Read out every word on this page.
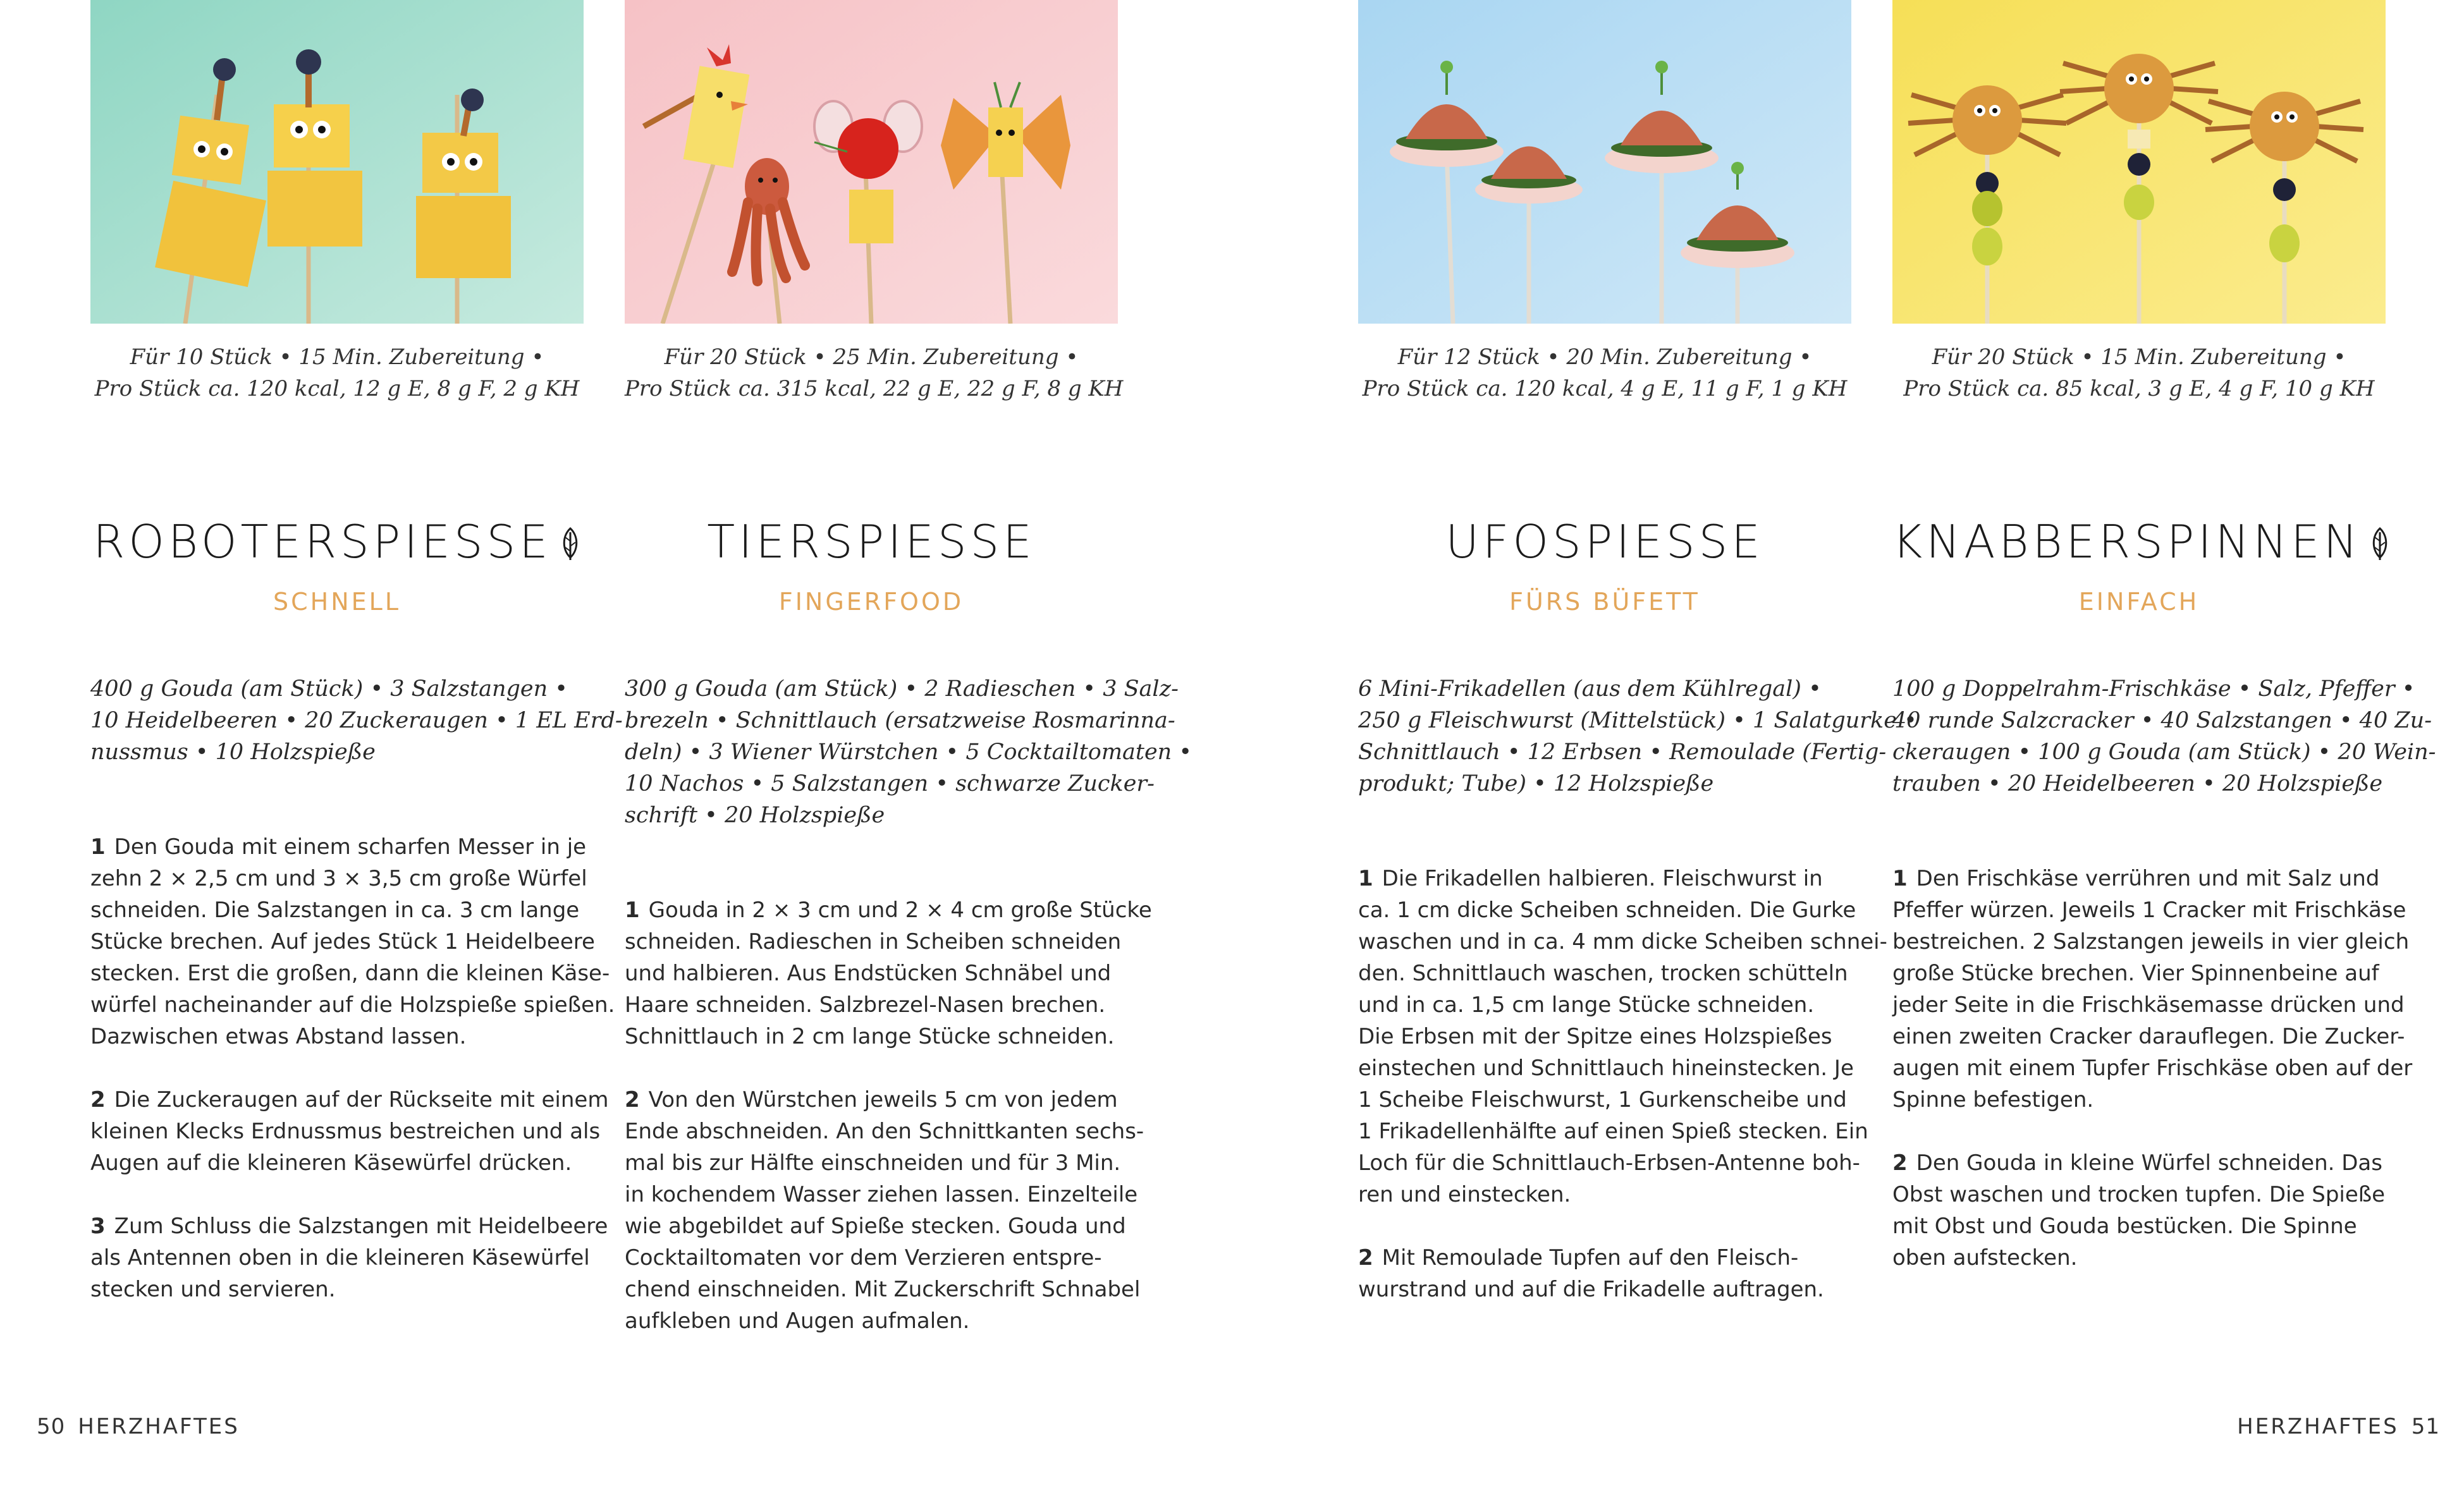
Für 10 Stück • 15 Min. Zubereitung •
Pro Stück ca. 120 kcal, 12 g E, 8 g F, 2 g KH
ROBOTERSPIESSE
SCHNELL
400 g Gouda (am Stück) • 3 Salzstangen •
10 Heidelbeeren • 20 Zuckeraugen • 1 EL Erd-
nussmus • 10 Holzspieße
1 Den Gouda mit einem scharfen Messer in je
zehn 2 × 2,5 cm und 3 × 3,5 cm große Würfel
schneiden. Die Salzstangen in ca. 3 cm lange
Stücke brechen. Auf jedes Stück 1 Heidelbeere
stecken. Erst die großen, dann die kleinen Käse-
würfel nacheinander auf die Holzspieße spießen.
Dazwischen etwas Abstand lassen.
2 Die Zuckeraugen auf der Rückseite mit einem
kleinen Klecks Erdnussmus bestreichen und als
Augen auf die kleineren Käsewürfel drücken.
3 Zum Schluss die Salzstangen mit Heidelbeere
als Antennen oben in die kleineren Käsewürfel
stecken und servieren.
Für 20 Stück • 25 Min. Zubereitung •
Pro Stück ca. 315 kcal, 22 g E, 22 g F, 8 g KH
TIERSPIESSE
FINGERFOOD
300 g Gouda (am Stück) • 2 Radieschen • 3 Salz-
brezeln • Schnittlauch (ersatzweise Rosmarinna-
deln) • 3 Wiener Würstchen • 5 Cocktailtomaten •
10 Nachos • 5 Salzstangen • schwarze Zucker-
schrift • 20 Holzspieße
1 Gouda in 2 × 3 cm und 2 × 4 cm große Stücke
schneiden. Radieschen in Scheiben schneiden
und halbieren. Aus Endstücken Schnäbel und
Haare schneiden. Salzbrezel-Nasen brechen.
Schnittlauch in 2 cm lange Stücke schneiden.
2 Von den Würstchen jeweils 5 cm von jedem
Ende abschneiden. An den Schnittkanten sechs-
mal bis zur Hälfte einschneiden und für 3 Min.
in kochendem Wasser ziehen lassen. Einzelteile
wie abgebildet auf Spieße stecken. Gouda und
Cocktailtomaten vor dem Verzieren entspre-
chend einschneiden. Mit Zuckerschrift Schnabel
aufkleben und Augen aufmalen.
Für 12 Stück • 20 Min. Zubereitung •
Pro Stück ca. 120 kcal, 4 g E, 11 g F, 1 g KH
UFOSPIESSE
FÜRS BÜFETT
6 Mini-Frikadellen (aus dem Kühlregal) •
250 g Fleischwurst (Mittelstück) • 1 Salatgurke •
Schnittlauch • 12 Erbsen • Remoulade (Fertig-
produkt; Tube) • 12 Holzspieße
1 Die Frikadellen halbieren. Fleischwurst in
ca. 1 cm dicke Scheiben schneiden. Die Gurke
waschen und in ca. 4 mm dicke Scheiben schnei-
den. Schnittlauch waschen, trocken schütteln
und in ca. 1,5 cm lange Stücke schneiden.
Die Erbsen mit der Spitze eines Holzspießes
einstechen und Schnittlauch hineinstecken. Je
1 Scheibe Fleischwurst, 1 Gurkenscheibe und
1 Frikadellenhälfte auf einen Spieß stecken. Ein
Loch für die Schnittlauch-Erbsen-Antenne boh-
ren und einstecken.
2 Mit Remoulade Tupfen auf den Fleisch-
wurstrand und auf die Frikadelle auftragen.
Für 20 Stück • 15 Min. Zubereitung •
Pro Stück ca. 85 kcal, 3 g E, 4 g F, 10 g KH
KNABBERSPINNEN
EINFACH
100 g Doppelrahm-Frischkäse • Salz, Pfeffer •
40 runde Salzcracker • 40 Salzstangen • 40 Zu-
ckeraugen • 100 g Gouda (am Stück) • 20 Wein-
trauben • 20 Heidelbeeren • 20 Holzspieße
1 Den Frischkäse verrühren und mit Salz und
Pfeffer würzen. Jeweils 1 Cracker mit Frischkäse
bestreichen. 2 Salzstangen jeweils in vier gleich
große Stücke brechen. Vier Spinnenbeine auf
jeder Seite in die Frischkäsemasse drücken und
einen zweiten Cracker darauflegen. Die Zucker-
augen mit einem Tupfer Frischkäse oben auf der
Spinne befestigen.
2 Den Gouda in kleine Würfel schneiden. Das
Obst waschen und trocken tupfen. Die Spieße
mit Obst und Gouda bestücken. Die Spinne
oben aufstecken.
50 HERZHAFTES	HERZHAFTES 51
